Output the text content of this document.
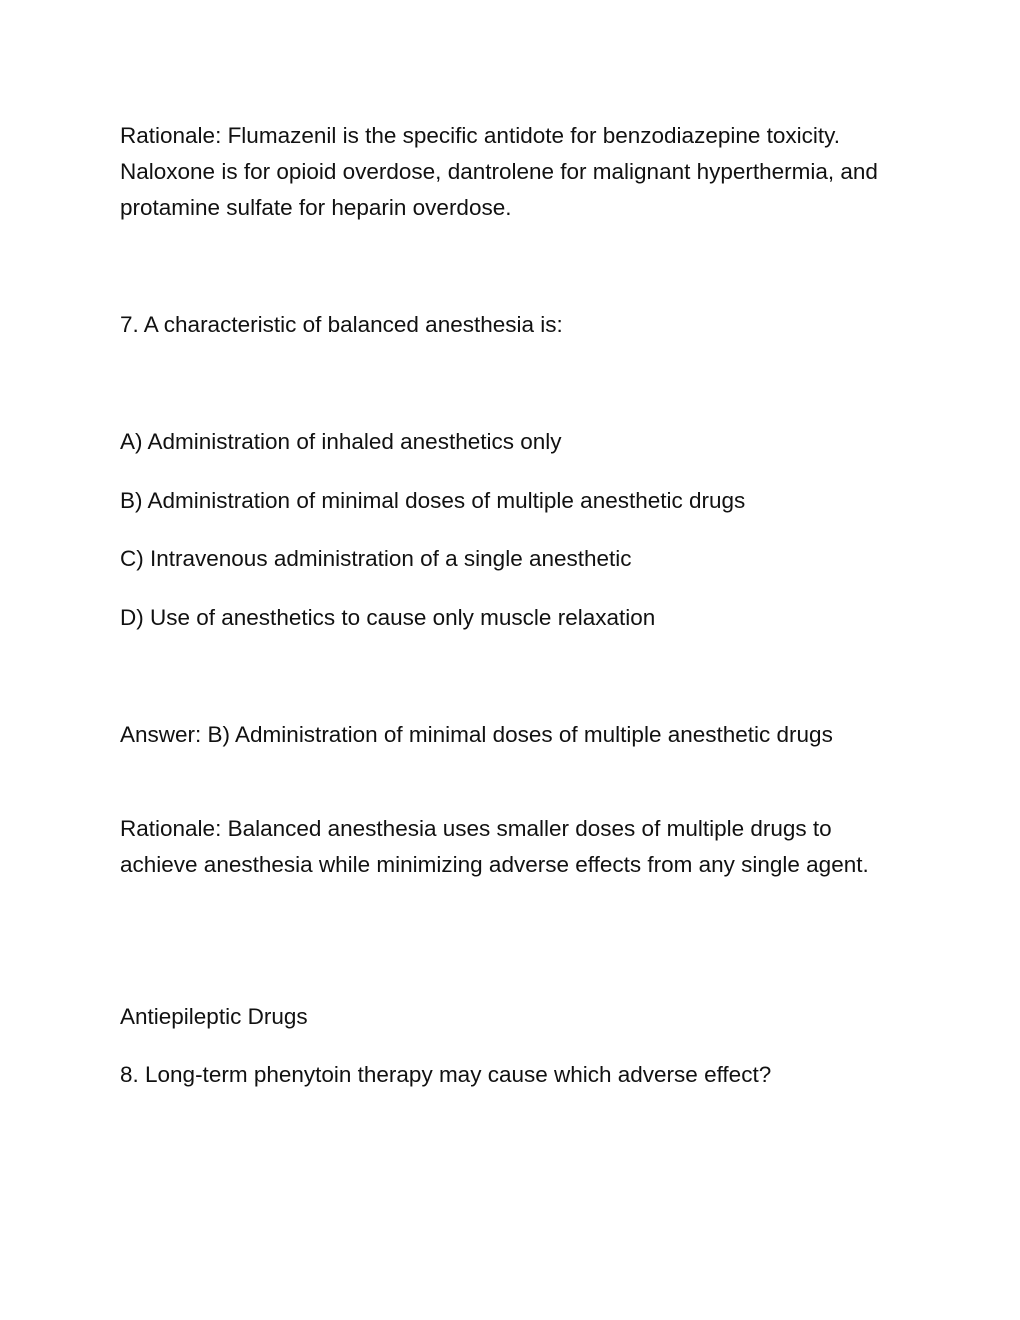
Rationale: Flumazenil is the specific antidote for benzodiazepine toxicity. Naloxone is for opioid overdose, dantrolene for malignant hyperthermia, and protamine sulfate for heparin overdose.

7. A characteristic of balanced anesthesia is:

A) Administration of inhaled anesthetics only

B) Administration of minimal doses of multiple anesthetic drugs

C) Intravenous administration of a single anesthetic

D) Use of anesthetics to cause only muscle relaxation

Answer: B) Administration of minimal doses of multiple anesthetic drugs

Rationale: Balanced anesthesia uses smaller doses of multiple drugs to achieve anesthesia while minimizing adverse effects from any single agent.

Antiepileptic Drugs

8. Long-term phenytoin therapy may cause which adverse effect?
